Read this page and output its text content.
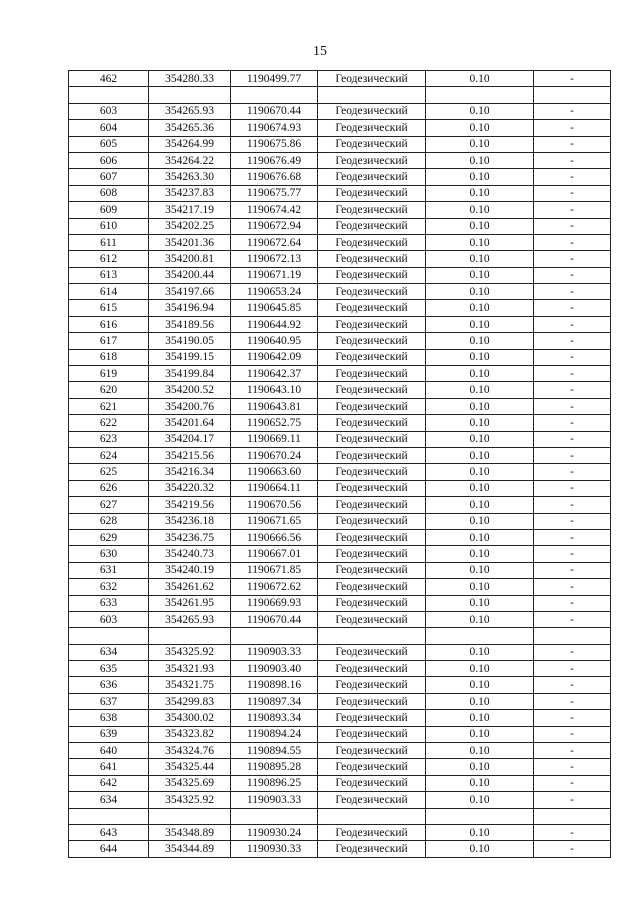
15
462	354280.33	1190499.77	Геодезический	0.10	-

603	354265.93	1190670.44	Геодезический	0.10	-
604	354265.36	1190674.93	Геодезический	0.10	-
605	354264.99	1190675.86	Геодезический	0.10	-
606	354264.22	1190676.49	Геодезический	0.10	-
607	354263.30	1190676.68	Геодезический	0.10	-
608	354237.83	1190675.77	Геодезический	0.10	-
609	354217.19	1190674.42	Геодезический	0.10	-
610	354202.25	1190672.94	Геодезический	0.10	-
611	354201.36	1190672.64	Геодезический	0.10	-
612	354200.81	1190672.13	Геодезический	0.10	-
613	354200.44	1190671.19	Геодезический	0.10	-
614	354197.66	1190653.24	Геодезический	0.10	-
615	354196.94	1190645.85	Геодезический	0.10	-
616	354189.56	1190644.92	Геодезический	0.10	-
617	354190.05	1190640.95	Геодезический	0.10	-
618	354199.15	1190642.09	Геодезический	0.10	-
619	354199.84	1190642.37	Геодезический	0.10	-
620	354200.52	1190643.10	Геодезический	0.10	-
621	354200.76	1190643.81	Геодезический	0.10	-
622	354201.64	1190652.75	Геодезический	0.10	-
623	354204.17	1190669.11	Геодезический	0.10	-
624	354215.56	1190670.24	Геодезический	0.10	-
625	354216.34	1190663.60	Геодезический	0.10	-
626	354220.32	1190664.11	Геодезический	0.10	-
627	354219.56	1190670.56	Геодезический	0.10	-
628	354236.18	1190671.65	Геодезический	0.10	-
629	354236.75	1190666.56	Геодезический	0.10	-
630	354240.73	1190667.01	Геодезический	0.10	-
631	354240.19	1190671.85	Геодезический	0.10	-
632	354261.62	1190672.62	Геодезический	0.10	-
633	354261.95	1190669.93	Геодезический	0.10	-
603	354265.93	1190670.44	Геодезический	0.10	-

634	354325.92	1190903.33	Геодезический	0.10	-
635	354321.93	1190903.40	Геодезический	0.10	-
636	354321.75	1190898.16	Геодезический	0.10	-
637	354299.83	1190897.34	Геодезический	0.10	-
638	354300.02	1190893.34	Геодезический	0.10	-
639	354323.82	1190894.24	Геодезический	0.10	-
640	354324.76	1190894.55	Геодезический	0.10	-
641	354325.44	1190895.28	Геодезический	0.10	-
642	354325.69	1190896.25	Геодезический	0.10	-
634	354325.92	1190903.33	Геодезический	0.10	-

643	354348.89	1190930.24	Геодезический	0.10	-
644	354344.89	1190930.33	Геодезический	0.10	-
